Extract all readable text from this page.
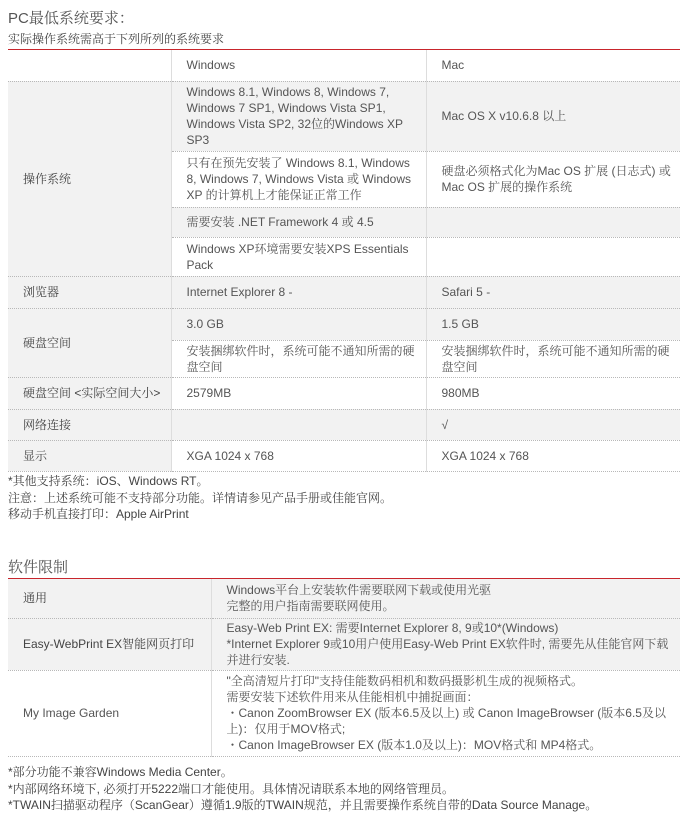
PC最低系统要求：
实际操作系统需高于下列所列的系统要求
	Windows	Mac
操作系统	Windows 8.1, Windows 8, Windows 7, Windows 7 SP1, Windows Vista SP1, Windows Vista SP2, 32位的Windows XP SP3	Mac OS X v10.6.8 以上
	只有在预先安装了 Windows 8.1, Windows 8, Windows 7, Windows Vista 或 Windows XP 的计算机上才能保证正常工作	硬盘必须格式化为Mac OS 扩展 (日志式) 或 Mac OS 扩展的操作系统
	需要安装 .NET Framework 4 或 4.5	
	Windows XP环境需要安装XPS Essentials Pack	
浏览器	Internet Explorer 8 -	Safari 5 -
硬盘空间	3.0 GB	1.5 GB
	安装捆绑软件时，系统可能不通知所需的硬盘空间	安装捆绑软件时，系统可能不通知所需的硬盘空间
硬盘空间 <实际空间大小>	2579MB	980MB
网络连接		√
显示	XGA 1024 x 768	XGA 1024 x 768
*其他支持系统：iOS、Windows RT。
注意：上述系统可能不支持部分功能。详情请参见产品手册或佳能官网。
移动手机直接打印：Apple AirPrint
软件限制
通用	Windows平台上安装软件需要联网下载或使用光驱
完整的用户指南需要联网使用。

Easy-WebPrint EX智能网页打印	Easy-Web Print EX: 需要Internet Explorer 8, 9或10*(Windows)
*Internet Explorer 9或10用户使用Easy-Web Print EX软件时, 需要先从佳能官网下载并进行安装.

My Image Garden	"全高清短片打印"支持佳能数码相机和数码摄影机生成的视频格式。
需要安装下述软件用来从佳能相机中捕捉画面：
・Canon ZoomBrowser EX (版本6.5及以上) 或 Canon ImageBrowser (版本6.5及以上)：仅用于MOV格式;
・Canon ImageBrowser EX (版本1.0及以上)：MOV格式和 MP4格式。
*部分功能不兼容Windows Media Center。
*内部网络环境下, 必须打开5222端口才能使用。具体情况请联系本地的网络管理员。
*TWAIN扫描驱动程序（ScanGear）遵循1.9版的TWAIN规范，并且需要操作系统自带的Data Source Manage。
